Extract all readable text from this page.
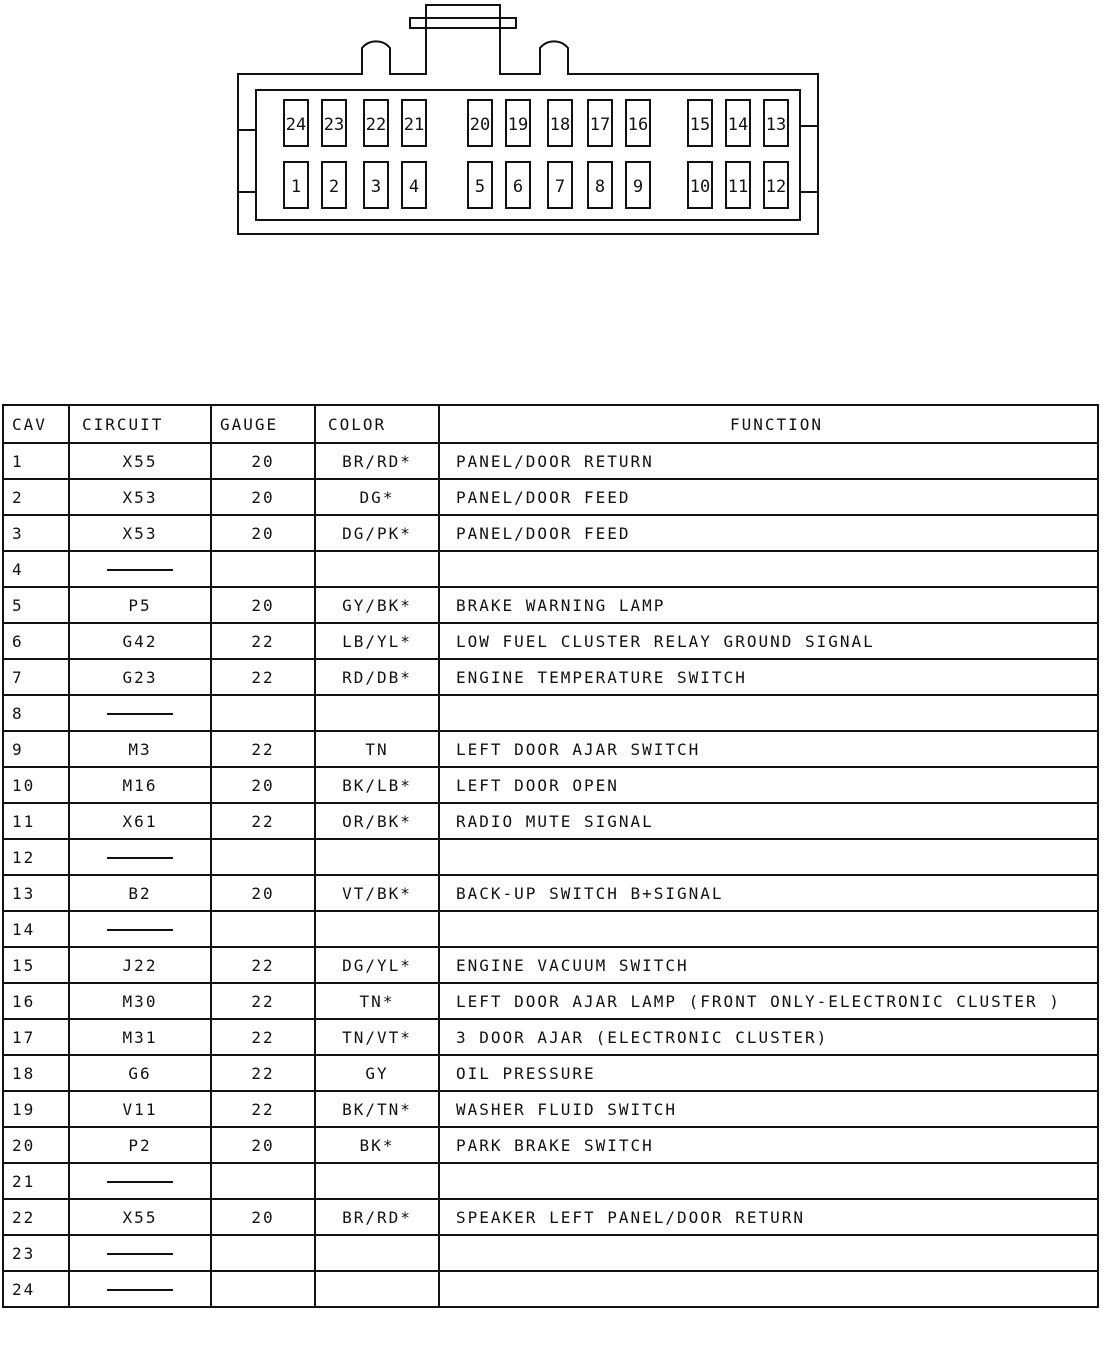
24 23 22 21	20 19 18 17 16 15 14 13
1 2 3 4	5 6 7 8 9	10 11 12
CAV	CIRCUIT	GAUGE	COLOR	FUNCTION
1	X55	20	BR/RD*	PANEL/DOOR RETURN
2	X53	20	DG*	PANEL/DOOR FEED
3	X53	20	DG/PK*	PANEL/DOOR FEED
4				
5	P5	20	GY/BK*	BRAKE WARNING LAMP
6	G42	22	LB/YL*	LOW FUEL CLUSTER RELAY GROUND SIGNAL
7	G23	22	RD/DB*	ENGINE TEMPERATURE SWITCH
8				
9	M3	22	TN	LEFT DOOR AJAR SWITCH
10	M16	20	BK/LB*	LEFT DOOR OPEN
11	X61	22	OR/BK*	RADIO MUTE SIGNAL
12				
13	B2	20	VT/BK*	BACK-UP SWITCH B+SIGNAL
14				
15	J22	22	DG/YL*	ENGINE VACUUM SWITCH
16	M30	22	TN*	LEFT DOOR AJAR LAMP (FRONT ONLY-ELECTRONIC CLUSTER )
17	M31	22	TN/VT*	3 DOOR AJAR (ELECTRONIC CLUSTER)
18	G6	22	GY	OIL PRESSURE
19	V11	22	BK/TN*	WASHER FLUID SWITCH
20	P2	20	BK*	PARK BRAKE SWITCH
21				
22	X55	20	BR/RD*	SPEAKER LEFT PANEL/DOOR RETURN
23				
24				
